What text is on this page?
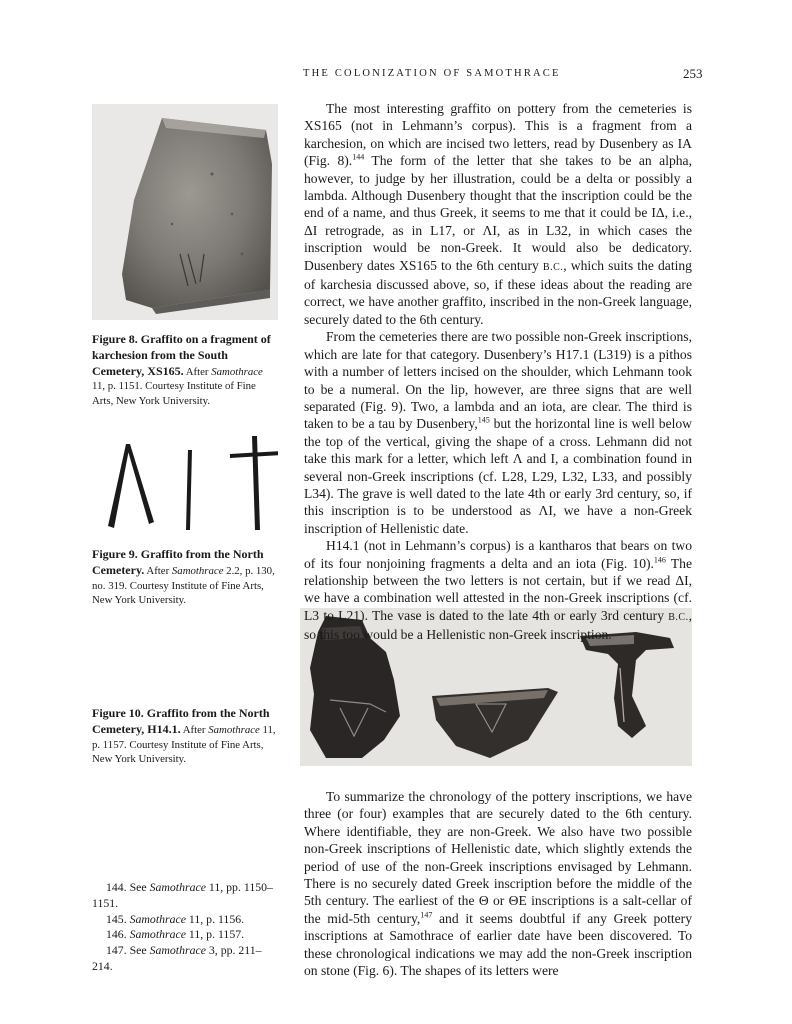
THE COLONIZATION OF SAMOTHRACE	253
Figure 8. Graffito on a fragment of karchesion from the South Cemetery, XS165. After Samothrace 11, p. 1151. Courtesy Institute of Fine Arts, New York University.
Figure 9. Graffito from the North Cemetery. After Samothrace 2.2, p. 130, no. 319. Courtesy Institute of Fine Arts, New York University.
Figure 10. Graffito from the North Cemetery, H14.1. After Samothrace 11, p. 1157. Courtesy Institute of Fine Arts, New York University.

The most interesting graffito on pottery from the cemeteries is XS165 (not in Lehmann’s corpus). This is a fragment from a karchesion, on which are incised two letters, read by Dusenbery as IA (Fig. 8).$^{144}$ The form of the letter that she takes to be an alpha, however, to judge by her illustration, could be a delta or possibly a lambda. Although Dusenbery thought that the inscription could be the end of a name, and thus Greek, it seems to me that it could be IΔ, i.e., ΔI retrograde, as in L17, or ΛI, as in L32, in which cases the inscription would be non-Greek. It would also be dedicatory. Dusenbery dates XS165 to the 6th century B.C., which suits the dating of karchesia discussed above, so, if these ideas about the reading are correct, we have another graffito, inscribed in the non-Greek language, securely dated to the 6th century.

From the cemeteries there are two possible non-Greek inscriptions, which are late for that category. Dusenbery’s H17.1 (L319) is a pithos with a number of letters incised on the shoulder, which Lehmann took to be a numeral. On the lip, however, are three signs that are well separated (Fig. 9). Two, a lambda and an iota, are clear. The third is taken to be a tau by Dusenbery,$^{145}$ but the horizontal line is well below the top of the vertical, giving the shape of a cross. Lehmann did not take this mark for a letter, which left Λ and I, a combination found in several non-Greek inscriptions (cf. L28, L29, L32, L33, and possibly L34). The grave is well dated to the late 4th or early 3rd century, so, if this inscription is to be understood as ΛI, we have a non-Greek inscription of Hellenistic date.

H14.1 (not in Lehmann’s corpus) is a kantharos that bears on two of its four nonjoining fragments a delta and an iota (Fig. 10).$^{146}$ The relationship between the two letters is not certain, but if we read ΔI, we have a combination well attested in the non-Greek inscriptions (cf. L3 to L21). The vase is dated to the late 4th or early 3rd century B.C., so this too would be a Hellenistic non-Greek inscription.

To summarize the chronology of the pottery inscriptions, we have three (or four) examples that are securely dated to the 6th century. Where identifiable, they are non-Greek. We also have two possible non-Greek inscriptions of Hellenistic date, which slightly extends the period of use of the non-Greek inscriptions envisaged by Lehmann. There is no securely dated Greek inscription before the middle of the 5th century. The earliest of the Θ or ΘE inscriptions is a salt-cellar of the mid-5th century,$^{147}$ and it seems doubtful if any Greek pottery inscriptions at Samothrace of earlier date have been discovered. To these chronological indications we may add the non-Greek inscription on stone (Fig. 6). The shapes of its letters were

144. See Samothrace 11, pp. 1150–1151.
145. Samothrace 11, p. 1156.
146. Samothrace 11, p. 1157.
147. See Samothrace 3, pp. 211–214.
